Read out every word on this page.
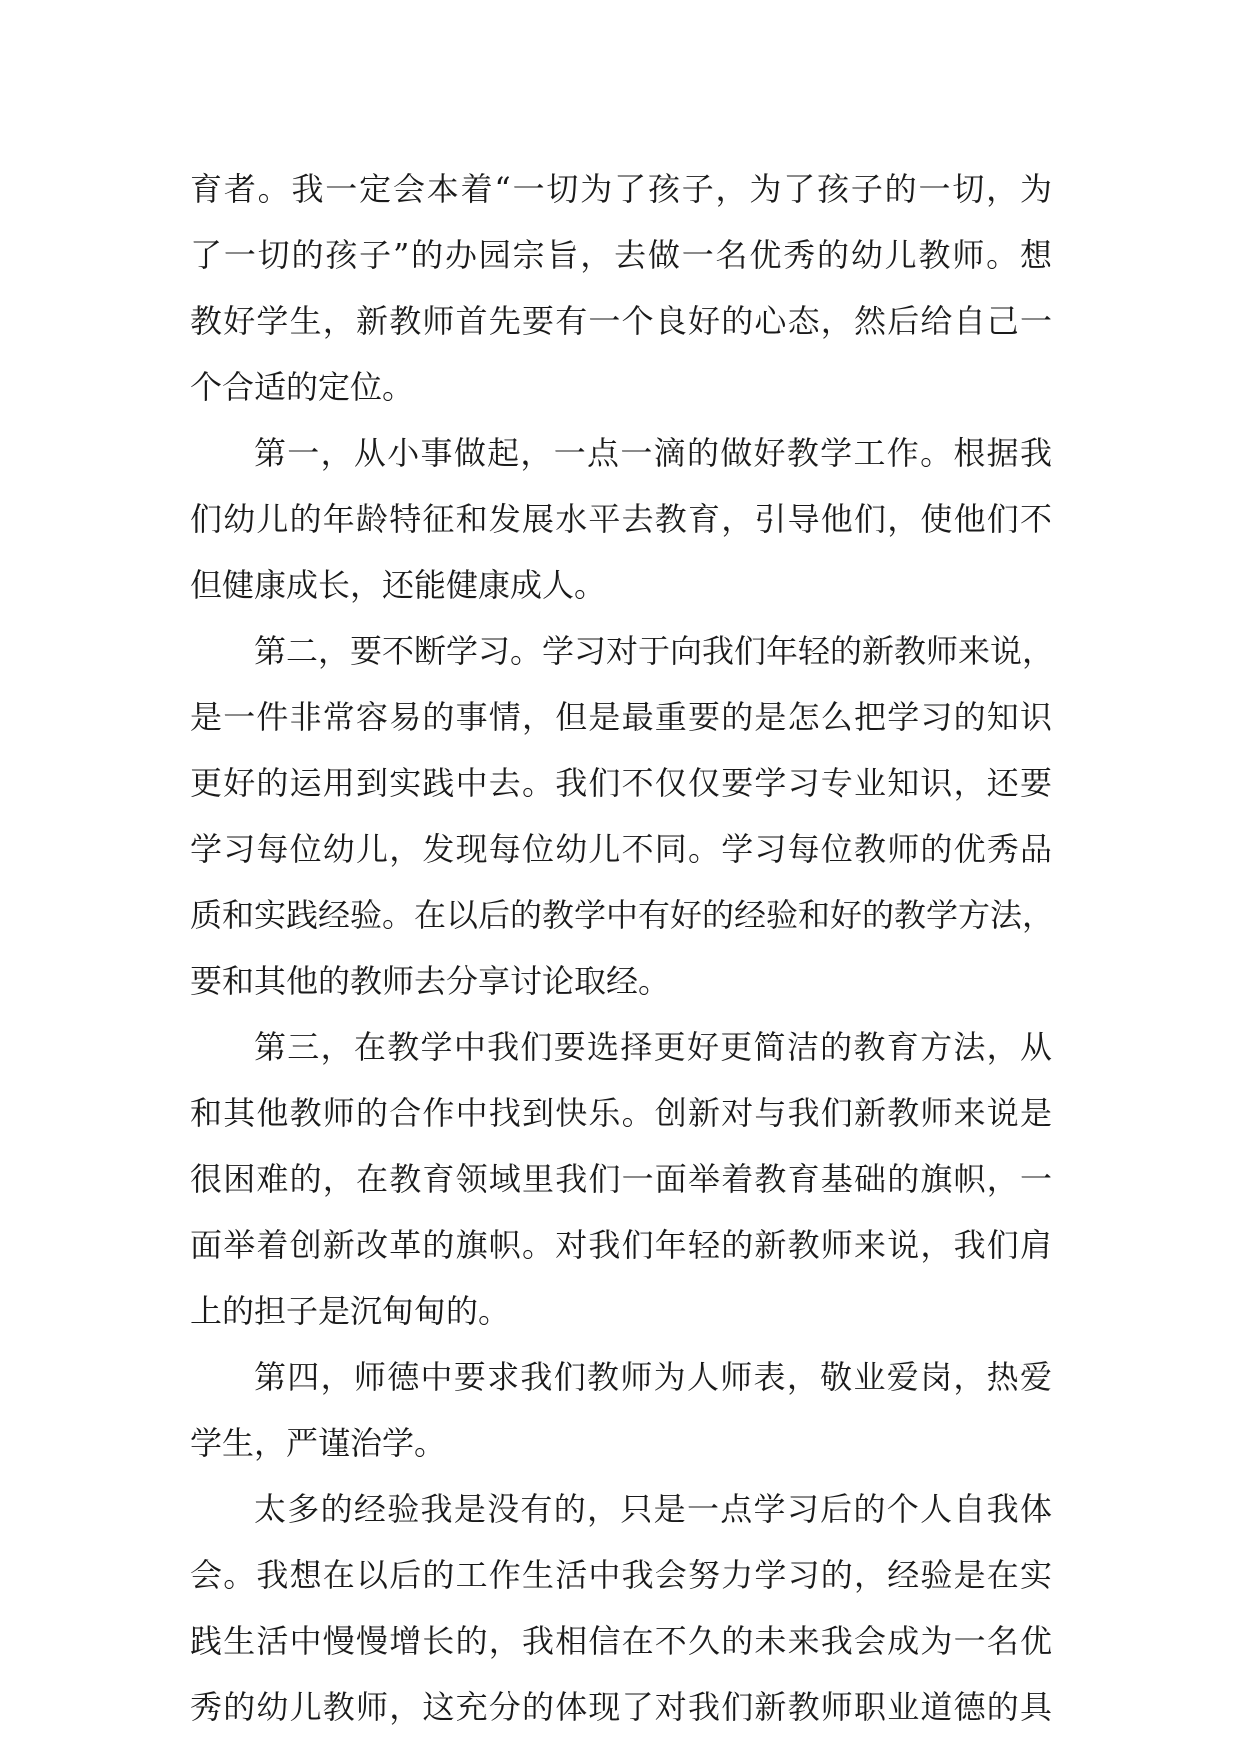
育者。我一定会本着“一切为了孩子，为了孩子的一切，为
了一切的孩子”的办园宗旨，去做一名优秀的幼儿教师。想
教好学生，新教师首先要有一个良好的心态，然后给自己一
个合适的定位。
第一，从小事做起，一点一滴的做好教学工作。根据我
们幼儿的年龄特征和发展水平去教育，引导他们，使他们不
但健康成长，还能健康成人。
第二，要不断学习。学习对于向我们年轻的新教师来说，
是一件非常容易的事情，但是最重要的是怎么把学习的知识
更好的运用到实践中去。我们不仅仅要学习专业知识，还要
学习每位幼儿，发现每位幼儿不同。学习每位教师的优秀品
质和实践经验。在以后的教学中有好的经验和好的教学方法，
要和其他的教师去分享讨论取经。
第三，在教学中我们要选择更好更简洁的教育方法，从
和其他教师的合作中找到快乐。创新对与我们新教师来说是
很困难的，在教育领域里我们一面举着教育基础的旗帜，一
面举着创新改革的旗帜。对我们年轻的新教师来说，我们肩
上的担子是沉甸甸的。
第四，师德中要求我们教师为人师表，敬业爱岗，热爱
学生，严谨治学。
太多的经验我是没有的，只是一点学习后的个人自我体
会。我想在以后的工作生活中我会努力学习的，经验是在实
践生活中慢慢增长的，我相信在不久的未来我会成为一名优
秀的幼儿教师，这充分的体现了对我们新教师职业道德的具
